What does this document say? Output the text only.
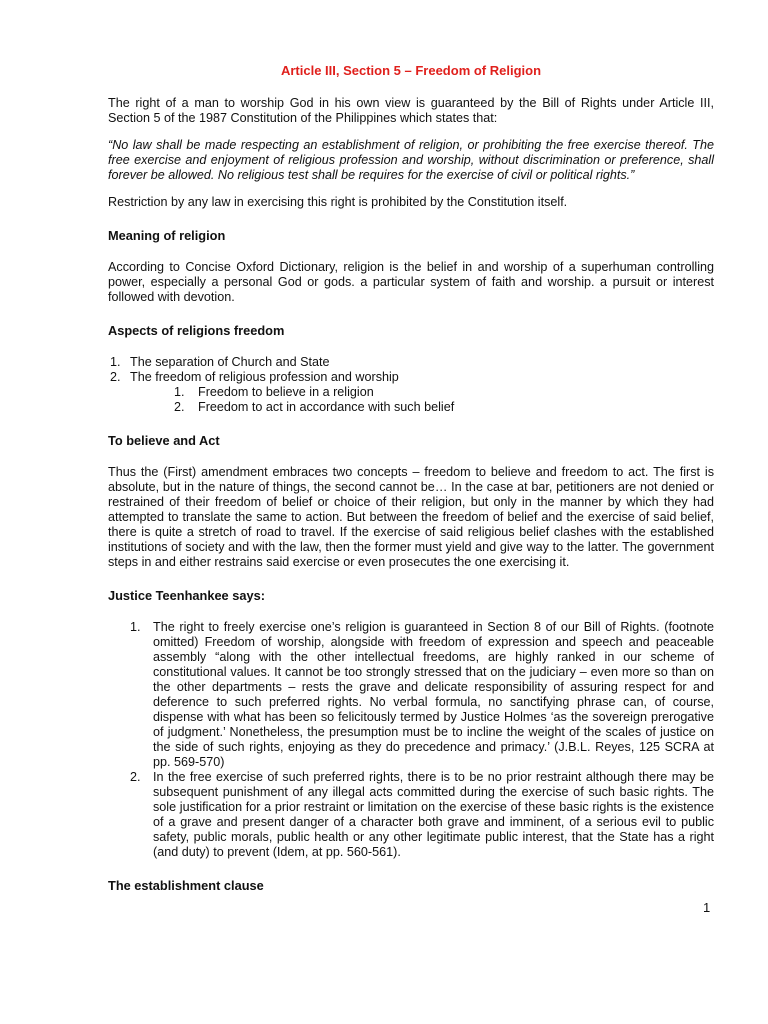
Article III, Section 5 – Freedom of Religion

The right of a man to worship God in his own view is guaranteed by the Bill of Rights under Article III, Section 5 of the 1987 Constitution of the Philippines which states that:

“No law shall be made respecting an establishment of religion, or prohibiting the free exercise thereof. The free exercise and enjoyment of religious profession and worship, without discrimination or preference, shall forever be allowed. No religious test shall be requires for the exercise of civil or political rights.”

Restriction by any law in exercising this right is prohibited by the Constitution itself.

Meaning of religion

According to Concise Oxford Dictionary, religion is the belief in and worship of a superhuman controlling power, especially a personal God or gods. a particular system of faith and worship. a pursuit or interest followed with devotion.

Aspects of religions freedom
1. The separation of Church and State
2. The freedom of religious profession and worship
1. Freedom to believe in a religion
2. Freedom to act in accordance with such belief
To believe and Act

Thus the (First) amendment embraces two concepts – freedom to believe and freedom to act. The first is absolute, but in the nature of things, the second cannot be… In the case at bar, petitioners are not denied or restrained of their freedom of belief or choice of their religion, but only in the manner by which they had attempted to translate the same to action. But between the freedom of belief and the exercise of said belief, there is quite a stretch of road to travel. If the exercise of said religious belief clashes with the established institutions of society and with the law, then the former must yield and give way to the latter. The government steps in and either restrains said exercise or even prosecutes the one exercising it.

Justice Teenhankee says:
1. The right to freely exercise one’s religion is guaranteed in Section 8 of our Bill of Rights. (footnote omitted) Freedom of worship, alongside with freedom of expression and speech and peaceable assembly “along with the other intellectual freedoms, are highly ranked in our scheme of constitutional values. It cannot be too strongly stressed that on the judiciary – even more so than on the other departments – rests the grave and delicate responsibility of assuring respect for and deference to such preferred rights. No verbal formula, no sanctifying phrase can, of course, dispense with what has been so felicitously termed by Justice Holmes ‘as the sovereign prerogative of judgment.’ Nonetheless, the presumption must be to incline the weight of the scales of justice on the side of such rights, enjoying as they do precedence and primacy.’ (J.B.L. Reyes, 125 SCRA at pp. 569-570)
2. In the free exercise of such preferred rights, there is to be no prior restraint although there may be subsequent punishment of any illegal acts committed during the exercise of such basic rights. The sole justification for a prior restraint or limitation on the exercise of these basic rights is the existence of a grave and present danger of a character both grave and imminent, of a serious evil to public safety, public morals, public health or any other legitimate public interest, that the State has a right (and duty) to prevent (Idem, at pp. 560-561).
The establishment clause
1
